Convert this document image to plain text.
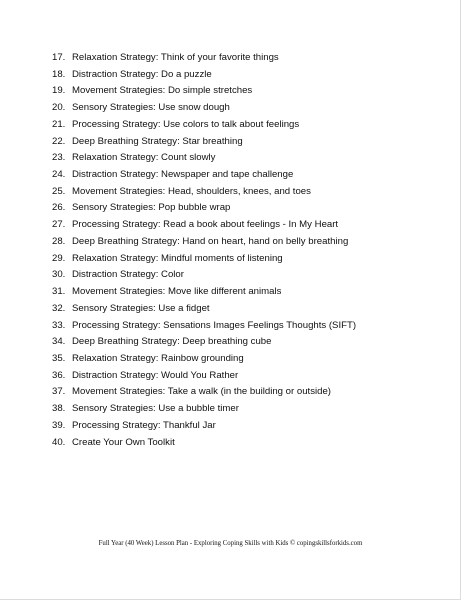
17. Relaxation Strategy: Think of your favorite things
18. Distraction Strategy: Do a puzzle
19. Movement Strategies: Do simple stretches
20. Sensory Strategies: Use snow dough
21. Processing Strategy: Use colors to talk about feelings
22. Deep Breathing Strategy: Star breathing
23. Relaxation Strategy: Count slowly
24. Distraction Strategy: Newspaper and tape challenge
25. Movement Strategies: Head, shoulders, knees, and toes
26. Sensory Strategies: Pop bubble wrap
27. Processing Strategy: Read a book about feelings - In My Heart
28. Deep Breathing Strategy: Hand on heart, hand on belly breathing
29. Relaxation Strategy: Mindful moments of listening
30. Distraction Strategy: Color
31. Movement Strategies: Move like different animals
32. Sensory Strategies: Use a fidget
33. Processing Strategy: Sensations Images Feelings Thoughts (SIFT)
34. Deep Breathing Strategy: Deep breathing cube
35. Relaxation Strategy: Rainbow grounding
36. Distraction Strategy: Would You Rather
37. Movement Strategies: Take a walk (in the building or outside)
38. Sensory Strategies: Use a bubble timer
39. Processing Strategy: Thankful Jar
40. Create Your Own Toolkit
Full Year (40 Week) Lesson Plan - Exploring Coping Skills with Kids © copingskillsforkids.com
